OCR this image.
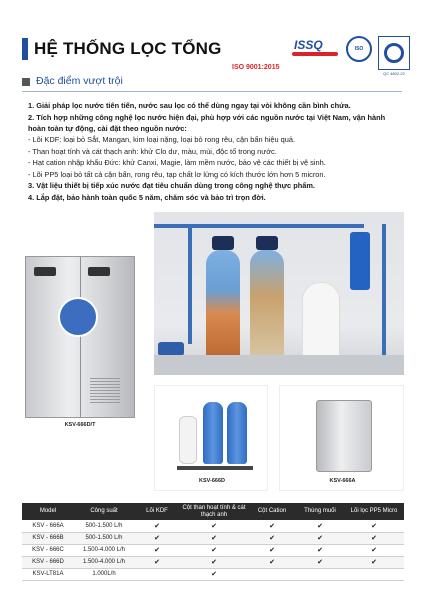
HỆ THỐNG LỌC TỔNG	ISSQ	ISO
QC 4802-22
ISO 9001:2015
Đặc điểm vượt trội
1. Giải pháp lọc nước tiên tiến, nước sau lọc có thể dùng ngay tại vòi không cần bình chứa.
2. Tích hợp những công nghệ lọc nước hiện đại, phù hợp với các nguồn nước tại Việt Nam, vận hành hoàn toàn tự động, cài đặt theo nguồn nước:
- Lõi KDF: loại bỏ Sắt, Mangan, kim loại nặng, loại bỏ rong rêu, cặn bẩn hiệu quả.
- Than hoạt tính và cát thạch anh: khử Clo dư, màu, mùi, độc tố trong nước.
- Hạt cation nhập khẩu Đức: khử Canxi, Magie, làm mềm nước, bảo vệ các thiết bị vệ sinh.
- Lõi PP5 loại bỏ tất cả cặn bẩn, rong rêu, tạp chất lơ lửng có kích thước lớn hơn 5 micron.
3. Vật liệu thiết bị tiếp xúc nước đạt tiêu chuẩn dùng trong công nghệ thực phẩm.
4. Lắp đặt, bảo hành toàn quốc 5 năm, chăm sóc và bảo trì trọn đời.
KSV-666D/T
KSV-666D	KSV-666A
Model	Công suất	Lõi KDF	Cột than hoạt tính & cát thạch anh	Cột Cation	Thùng muối	Lõi lọc PP5 Micro
KSV - 666A	500-1.500 L/h	✔	✔	✔	✔	✔
KSV - 666B	500-1.500 L/h	✔	✔	✔	✔	✔
KSV - 666C	1.500-4.000 L/h	✔	✔	✔	✔	✔
KSV - 666D	1.500-4.000 L/h	✔	✔	✔	✔	✔
KSV-LT81A	1.000L/h		✔			
